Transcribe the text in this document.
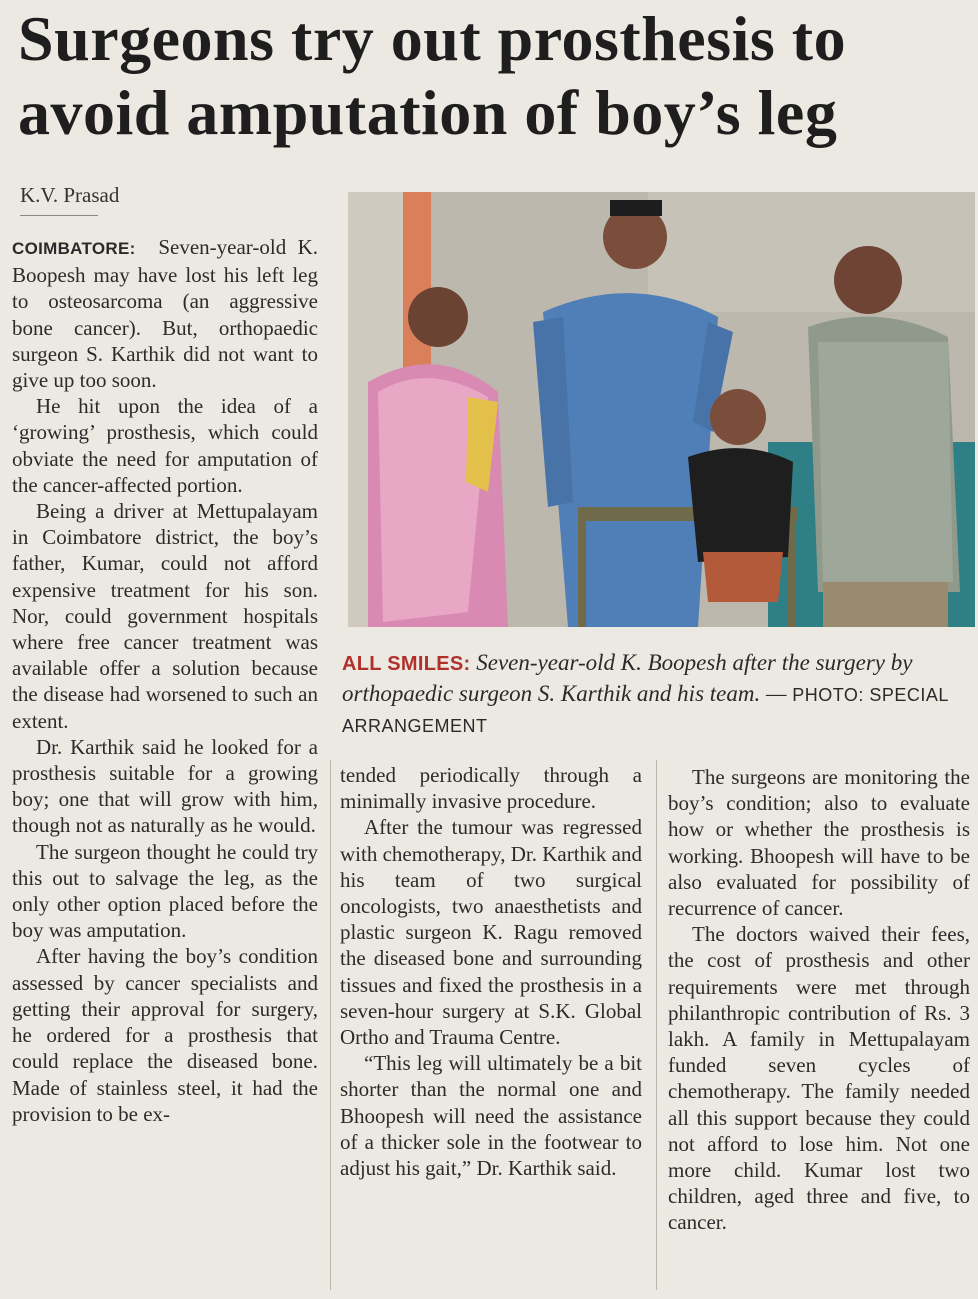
Surgeons try out prosthesis to
avoid amputation of boy’s leg
K.V. Prasad

COIMBATORE: Seven-year-old K. Boopesh may have lost his left leg to osteosarcoma (an aggressive bone cancer). But, orthopaedic surgeon S. Karthik did not want to give up too soon.

He hit upon the idea of a ‘growing’ prosthesis, which could obviate the need for amputation of the cancer-affected portion.

Being a driver at Mettupalayam in Coimbatore district, the boy’s father, Kumar, could not afford expensive treatment for his son. Nor, could government hospitals where free cancer treatment was available offer a solution because the disease had worsened to such an extent.

Dr. Karthik said he looked for a prosthesis suitable for a growing boy; one that will grow with him, though not as naturally as he would.

The surgeon thought he could try this out to salvage the leg, as the only other option placed before the boy was amputation.

After having the boy’s condition assessed by cancer specialists and getting their approval for surgery, he ordered for a prosthesis that could replace the diseased bone. Made of stainless steel, it had the provision to be ex-

ALL SMILES: Seven-year-old K. Boopesh after the surgery by orthopaedic surgeon S. Karthik and his team. — PHOTO: SPECIAL ARRANGEMENT

tended periodically through a minimally invasive procedure.

After the tumour was regressed with chemotherapy, Dr. Karthik and his team of two surgical oncologists, two anaesthetists and plastic surgeon K. Ragu removed the diseased bone and surrounding tissues and fixed the prosthesis in a seven-hour surgery at S.K. Global Ortho and Trauma Centre.

“This leg will ultimately be a bit shorter than the normal one and Bhoopesh will need the assistance of a thicker sole in the footwear to adjust his gait,” Dr. Karthik said.

The surgeons are monitoring the boy’s condition; also to evaluate how or whether the prosthesis is working. Bhoopesh will have to be also evaluated for possibility of recurrence of cancer.

The doctors waived their fees, the cost of prosthesis and other requirements were met through philanthropic contribution of Rs. 3 lakh. A family in Mettupalayam funded seven cycles of chemotherapy. The family needed all this support because they could not afford to lose him. Not one more child. Kumar lost two children, aged three and five, to cancer.
